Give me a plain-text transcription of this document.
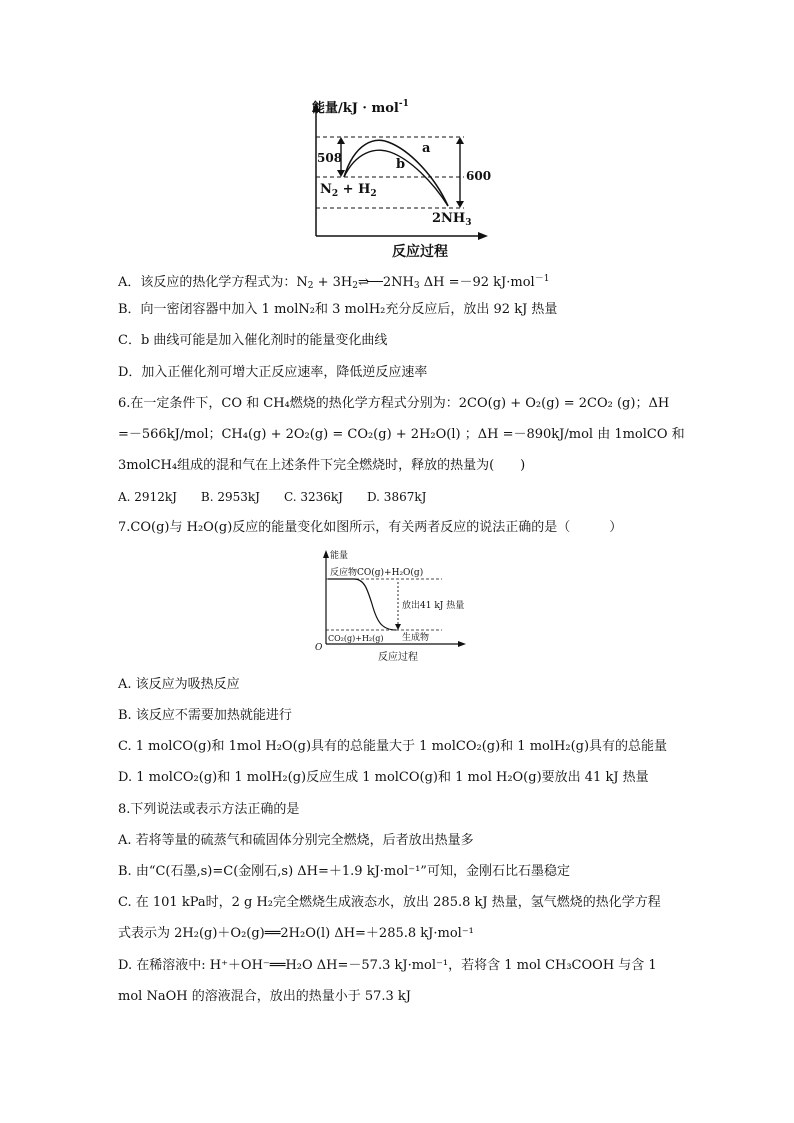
能量/kJ · mol$^{-1}$
508
600
a
b
$N_2 + H_2$
$2NH_3$
反应过程
A．该反应的热化学方程式为：$N_2$ + $3H_2\rightleftharpoons$ $2NH_3$ ΔH =－92 kJ·mol$^{-1}$
B．向一密闭容器中加入 1 molN₂和 3 molH₂充分反应后，放出 92 kJ 热量
C．b 曲线可能是加入催化剂时的能量变化曲线
D．加入正催化剂可增大正反应速率，降低逆反应速率
6.在一定条件下，CO 和 CH₄燃烧的热化学方程式分别为：2CO(g) + O₂(g) = 2CO₂ (g)；ΔH
=－566kJ/mol；CH₄(g) + 2O₂(g) = CO₂(g) + 2H₂O(l) ；ΔH =－890kJ/mol 由 1molCO 和
3molCH₄组成的混和气在上述条件下完全燃烧时，释放的热量为(　　)
A. 2912kJ　　B. 2953kJ　　C. 3236kJ　　D. 3867kJ
7.CO(g)与 H₂O(g)反应的能量变化如图所示，有关两者反应的说法正确的是（　　　）
能量
反应物CO(g)+H₂O(g)
放出41 kJ 热量
CO₂(g)+H₂(g) 生成物
O
反应过程
A. 该反应为吸热反应
B. 该反应不需要加热就能进行
C. 1 molCO(g)和 1mol H₂O(g)具有的总能量大于 1 molCO₂(g)和 1 molH₂(g)具有的总能量
D. 1 molCO₂(g)和 1 molH₂(g)反应生成 1 molCO(g)和 1 mol H₂O(g)要放出 41 kJ 热量
8.下列说法或表示方法正确的是
A. 若将等量的硫蒸气和硫固体分别完全燃烧，后者放出热量多
B. 由“C(石墨,s)=C(金刚石,s) ΔH=＋1.9 kJ·mol⁻¹”可知，金刚石比石墨稳定
C. 在 101 kPa时，2 g H₂完全燃烧生成液态水，放出 285.8 kJ 热量，氢气燃烧的热化学方程
式表示为 2H₂(g)＋O₂(g)══2H₂O(l) ΔH=＋285.8 kJ·mol⁻¹
D. 在稀溶液中: H⁺＋OH⁻══H₂O ΔH=－57.3 kJ·mol⁻¹，若将含 1 mol CH₃COOH 与含 1
mol NaOH 的溶液混合，放出的热量小于 57.3 kJ
